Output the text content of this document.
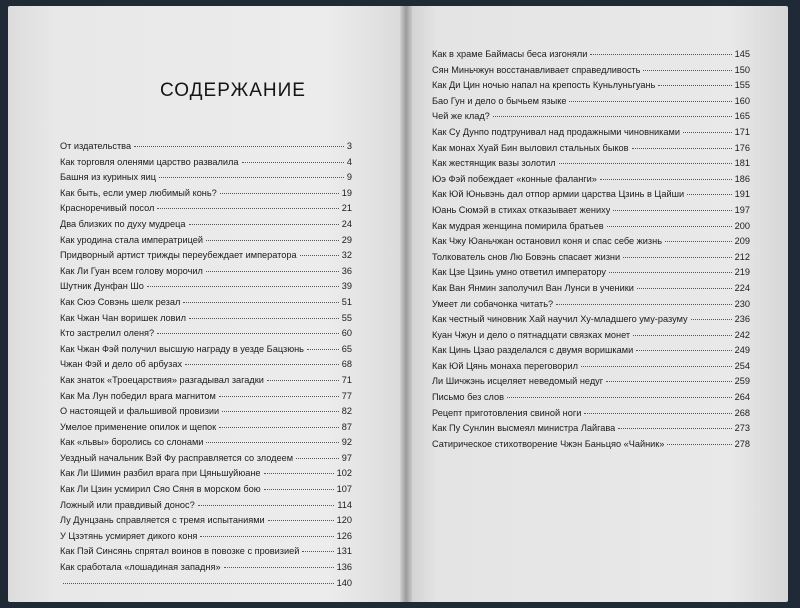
СОДЕРЖАНИЕ
От издательства	3
Как торговля оленями царство развалила	4
Башня из куриных яиц	9
Как быть, если умер любимый конь?	19
Красноречивый посол	21
Два близких по духу мудреца	24
Как уродина стала императрицей	29
Придворный артист трижды переубеждает императора	32
Как Ли Гуан всем голову морочил	36
Шутник Дунфан Шо	39
Как Сюэ Совэнь шелк резал	51
Как Чжан Чан воришек ловил	55
Кто застрелил оленя?	60
Как Чжан Фэй получил высшую награду в уезде Бацзюнь	65
Чжан Фэй и дело об арбузах	68
Как знаток «Троецарствия» разгадывал загадки	71
Как Ма Лун победил врага магнитом	77
О настоящей и фальшивой провизии	82
Умелое применение опилок и щепок	87
Как «львы» боролись со слонами	92
Уездный начальник Вэй Фу расправляется со злодеем	97
Как Ли Шимин разбил врага при Цяньшуйюане	102
Как Ли Цзин усмирил Сяо Сяня в морском бою	107
Ложный или правдивый донос?	114
Лу Дунцзань справляется с тремя испытаниями	120
У Цзэтянь усмиряет дикого коня	126
Как Пэй Синсянь спрятал воинов в повозке с провизией	131
Как сработала «лошадиная западня»	136
140
Как в храме Баймасы беса изгоняли	145
Сян Миньчжун восстанавливает справедливость	150
Как Ди Цин ночью напал на крепость Куньлуньгуань	155
Бао Гун и дело о бычьем языке	160
Чей же клад?	165
Как Су Дунпо подтрунивал над продажными чиновниками	171
Как монах Хуай Бин выловил стальных быков	176
Как жестянщик вазы золотил	181
Юэ Фэй побеждает «конные фаланги»	186
Как Юй Юньвэнь дал отпор армии царства Цзинь в Цайши	191
Юань Сюмэй в стихах отказывает жениху	197
Как мудрая женщина помирила братьев	200
Как Чжу Юаньчжан остановил коня и спас себе жизнь	209
Толкователь снов Лю Бовэнь спасает жизни	212
Как Цзе Цзинь умно ответил императору	219
Как Ван Янмин заполучил Ван Лунси в ученики	224
Умеет ли собачонка читать?	230
Как честный чиновник Хай научил Ху-младшего уму-разуму	236
Куан Чжун и дело о пятнадцати связках монет	242
Как Цинь Цзао разделался с двумя воришками	249
Как Юй Цянь монаха переговорил	254
Ли Шичжэнь исцеляет неведомый недуг	259
Письмо без слов	264
Рецепт приготовления свиной ноги	268
Как Пу Сунлин высмеял министра Лайгава	273
Сатирическое стихотворение Чжэн Баньцяо «Чайник»	278
